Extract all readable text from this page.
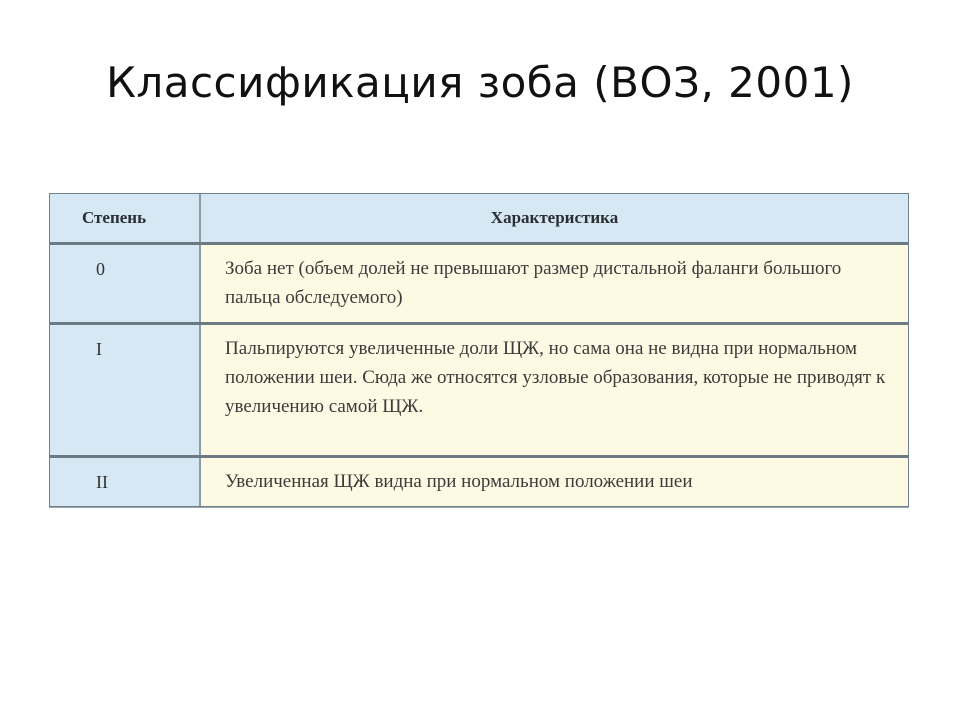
Классификация зоба (ВОЗ, 2001)
Степень	Характеристика
0	Зоба нет (объем долей не превышают размер дистальной фаланги большого пальца обследуемого)
I	Пальпируются увеличенные доли ЩЖ, но сама она не видна при нормальном положении шеи. Сюда же относятся узловые образования, которые не приводят к увеличению самой ЩЖ.
II	Увеличенная ЩЖ видна при нормальном положении шеи
